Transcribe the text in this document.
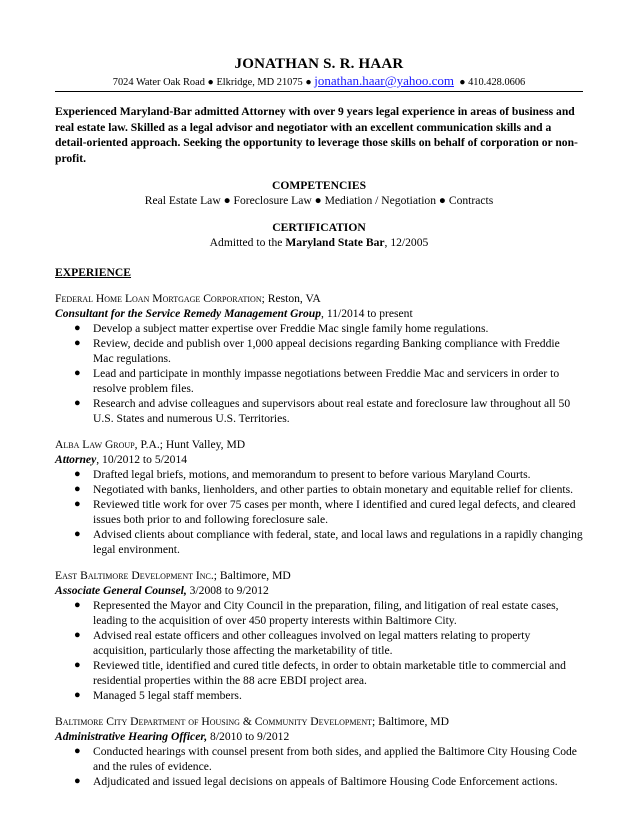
JONATHAN S. R. HAAR
7024 Water Oak Road ● Elkridge, MD 21075 ● jonathan.haar@yahoo.com ● 410.428.0606
Experienced Maryland-Bar admitted Attorney with over 9 years legal experience in areas of business and real estate law. Skilled as a legal advisor and negotiator with an excellent communication skills and a detail-oriented approach. Seeking the opportunity to leverage those skills on behalf of corporation or non-profit.
COMPETENCIES
Real Estate Law ● Foreclosure Law ● Mediation / Negotiation ● Contracts
CERTIFICATION
Admitted to the Maryland State Bar, 12/2005
EXPERIENCE
Federal Home Loan Mortgage Corporation; Reston, VA
Consultant for the Service Remedy Management Group, 11/2014 to present
● Develop a subject matter expertise over Freddie Mac single family home regulations.
● Review, decide and publish over 1,000 appeal decisions regarding Banking compliance with Freddie Mac regulations.
● Lead and participate in monthly impasse negotiations between Freddie Mac and servicers in order to resolve problem files.
● Research and advise colleagues and supervisors about real estate and foreclosure law throughout all 50 U.S. States and numerous U.S. Territories.
Alba Law Group, P.A.; Hunt Valley, MD
Attorney, 10/2012 to 5/2014
● Drafted legal briefs, motions, and memorandum to present to before various Maryland Courts.
● Negotiated with banks, lienholders, and other parties to obtain monetary and equitable relief for clients.
● Reviewed title work for over 75 cases per month, where I identified and cured legal defects, and cleared issues both prior to and following foreclosure sale.
● Advised clients about compliance with federal, state, and local laws and regulations in a rapidly changing legal environment.
East Baltimore Development Inc.; Baltimore, MD
Associate General Counsel, 3/2008 to 9/2012
● Represented the Mayor and City Council in the preparation, filing, and litigation of real estate cases, leading to the acquisition of over 450 property interests within Baltimore City.
● Advised real estate officers and other colleagues involved on legal matters relating to property acquisition, particularly those affecting the marketability of title.
● Reviewed title, identified and cured title defects, in order to obtain marketable title to commercial and residential properties within the 88 acre EBDI project area.
● Managed 5 legal staff members.
Baltimore City Department of Housing & Community Development; Baltimore, MD
Administrative Hearing Officer, 8/2010 to 9/2012
● Conducted hearings with counsel present from both sides, and applied the Baltimore City Housing Code and the rules of evidence.
● Adjudicated and issued legal decisions on appeals of Baltimore Housing Code Enforcement actions.
